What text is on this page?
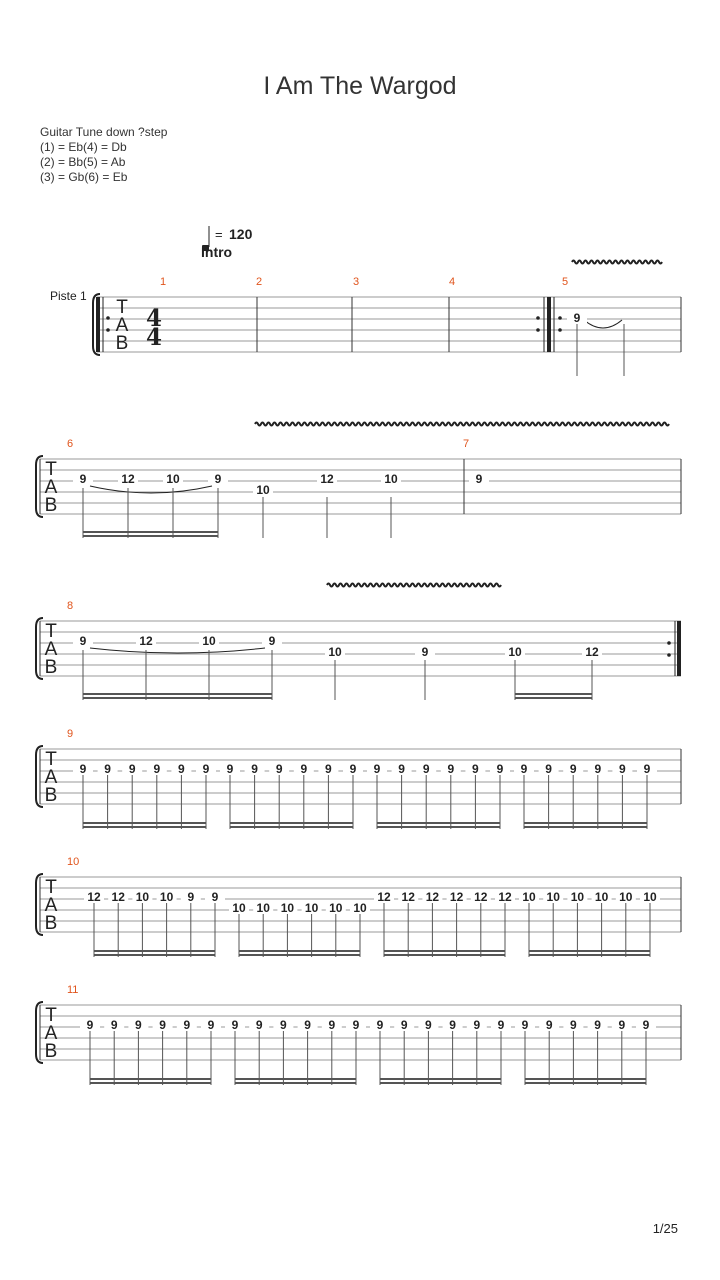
I Am The Wargod
Guitar Tune down ?step
(1) = Eb(4) = Db
(2) = Bb(5) = Ab
(3) = Gb(6) = Eb
= 120
Intro
Piste 1
T
A
B
4
4
1	2	3	4	5
9
T
A
B
6	7
9	12	10	9
10
12	10	9
T
A
B
8
9	12	10	9
10	9	10	12
T
A
B
9
9 9 9 9 9 9 9 9 9 9 9 9 9 9 9 9 9 9 9 9 9 9 9 9
T
A
B
10
12 12 10 10 9 9
10 10 10 10 10 10
12 12 12 12 12 12 10 10 10 10 10 10
T
A
B
11
9 9 9 9 9 9 9 9 9 9 9 9 9 9 9 9 9 9 9 9 9 9 9 9
1/25
